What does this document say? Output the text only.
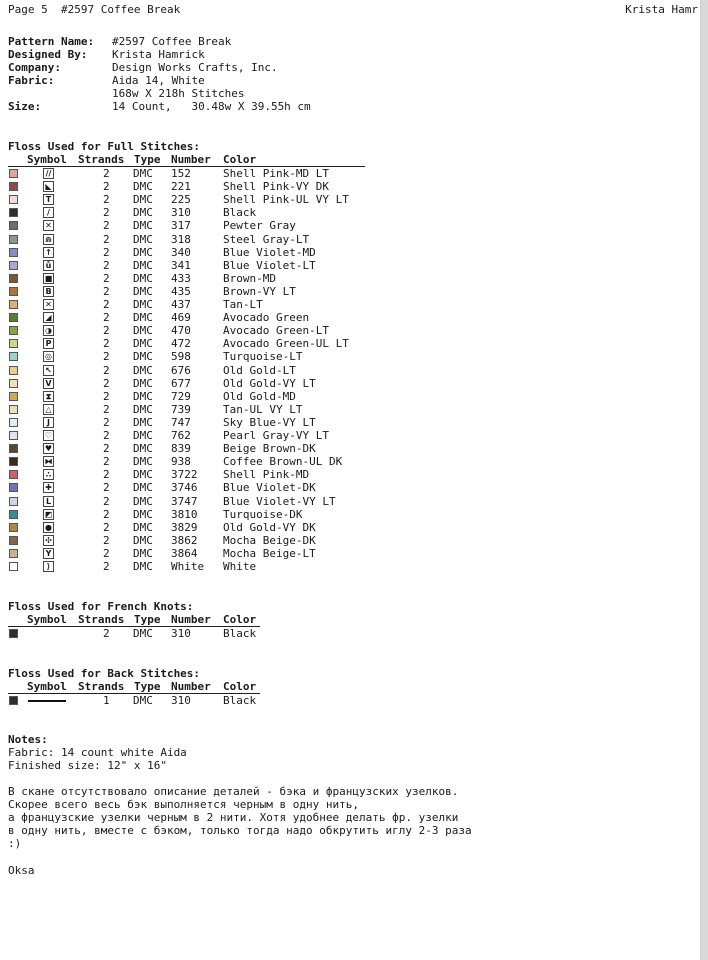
Page 5  #2597 Coffee Break	Krista Hamr
Pattern Name: #2597 Coffee Break
Designed By: Krista Hamrick
Company:	Design Works Crafts, Inc.
Fabric:	Aida 14, White
168w X 218h Stitches
Size:	14 Count,   30.48w X 39.55h cm
Floss Used for Full Stitches:
Symbol Strands Type Number Color
//	2 DMC 152	Shell Pink-MD LT
◣	2 DMC 221	Shell Pink-VY DK
T	2 DMC 225	Shell Pink-UL VY LT
/	2 DMC 310	Black
✕	2 DMC 317	Pewter Gray
⋒	2 DMC 318	Steel Gray-LT
↑	2 DMC 340	Blue Violet-MD
ů	2 DMC 341	Blue Violet-LT
■	2 DMC 433	Brown-MD
B	2 DMC 435	Brown-VY LT
✕	2 DMC 437	Tan-LT
◢	2 DMC 469	Avocado Green
◑	2 DMC 470	Avocado Green-LT
P	2 DMC 472	Avocado Green-UL LT
◎	2 DMC 598	Turquoise-LT
↖	2 DMC 676	Old Gold-LT
V	2 DMC 677	Old Gold-VY LT
⧗	2 DMC 729	Old Gold-MD
△	2 DMC 739	Tan-UL VY LT
J	2 DMC 747	Sky Blue-VY LT
♡	2 DMC 762	Pearl Gray-VY LT
♥	2 DMC 839	Beige Brown-DK
⧓	2 DMC 938	Coffee Brown-UL DK
∴	2 DMC 3722 Shell Pink-MD
✚	2 DMC 3746 Blue Violet-DK
L	2 DMC 3747 Blue Violet-VY LT
◩	2 DMC 3810 Turquoise-DK
●	2 DMC 3829 Old Gold-VY DK
✣	2 DMC 3862 Mocha Beige-DK
Y	2 DMC 3864 Mocha Beige-LT
⟩	2 DMC White White
Floss Used for French Knots:
Symbol Strands Type Number Color
2 DMC 310	Black
Floss Used for Back Stitches:
Symbol Strands Type Number Color
1 DMC 310	Black
Notes:
Fabric: 14 count white Aida
Finished size: 12" x 16"
В скане отсутствовало описание деталей - бэка и французских узелков.
Скорее всего весь бэк выполняется черным в одну нить,
а французские узелки черным в 2 нити. Хотя удобнее делать фр. узелки
в одну нить, вместе с бэком, только тогда надо обкрутить иглу 2-3 раза
:)
Oksa
